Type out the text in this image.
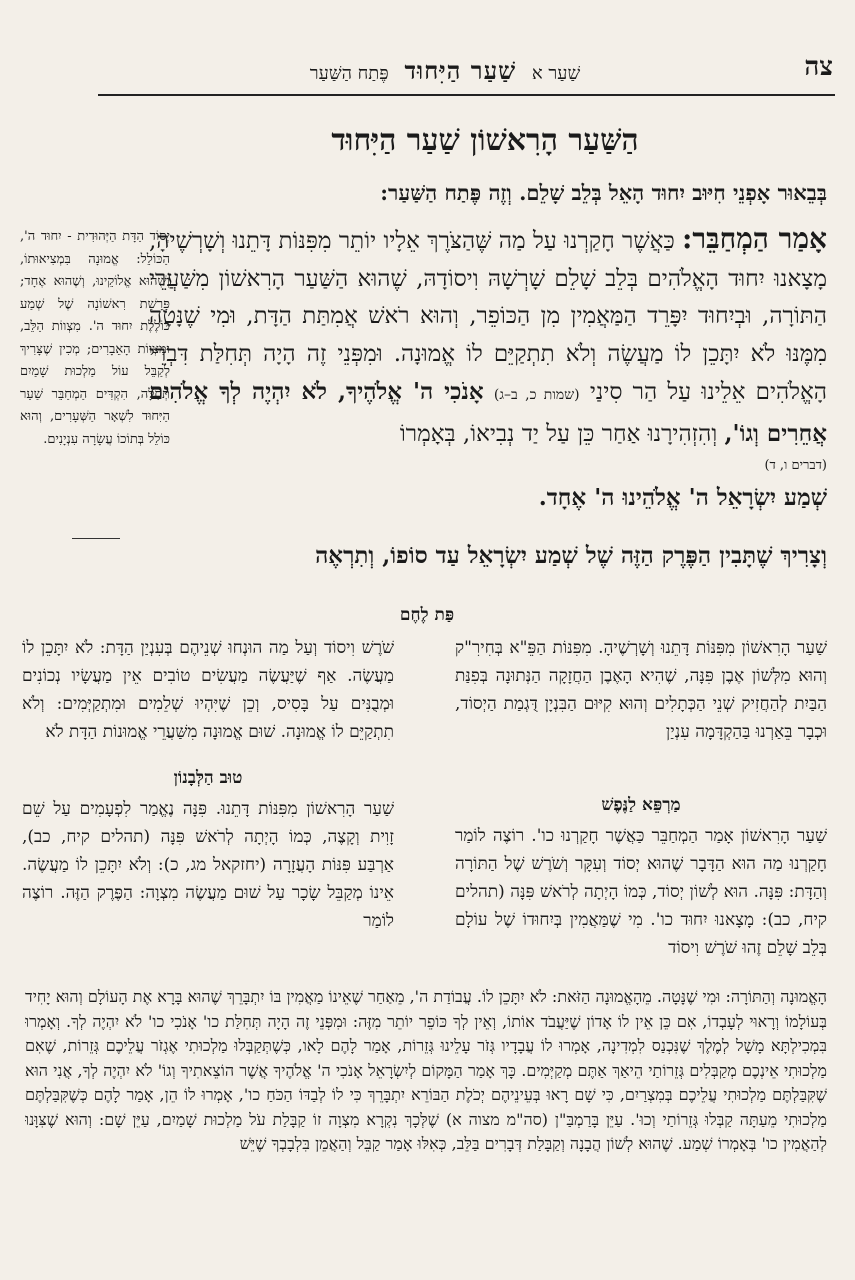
צה
שַׁעַר א שַׁעַר הַיִּחוּד פֶּתַח הַשַּׁעַר
הַשַּׁעַר הָרִאשׁוֹן שַׁעַר הַיִּחוּד
בְּבֵאוּר אָפְנֵי חִיּוּב יִחוּד הָאֵל בְּלֵב שָׁלֵם. וְזֶה פֶּתַח הַשַּׁעַר:
אָמַר הַמְחַבֵּר: כַּאֲשֶׁר חָקַרְנוּ עַל מַה שֶּׁהַצֹּרֶךְ אֵלָיו יוֹתֵר מִפִּנּוֹת דָּתֵנוּ וְשָׁרְשֶׁיהָ, מָצָאנוּ יִחוּד הָאֱלֹהִים בְּלֵב שָׁלֵם שָׁרְשָׁהּ וִיסוֹדָהּ, שֶׁהוּא הַשַּׁעַר הָרִאשׁוֹן מִשַּׁעֲרֵי הַתּוֹרָה, וּבְיִחוּד יִפָּרֵד הַמַּאֲמִין מִן הַכּוֹפֵר, וְהוּא רֹאשׁ אֲמִתַּת הַדָּת, וּמִי שֶׁנָּטָה מִמֶּנּוּ לֹא יִתָּכֵן לוֹ מַעֲשֶׂה וְלֹא תִתְקַיֵּם לוֹ אֱמוּנָה. וּמִפְּנֵי זֶה הָיָה תְּחִלַּת דִּבְרֵי הָאֱלֹהִים אֵלֵינוּ עַל הַר סִינַי (שמות כ, ב–ג) אָנֹכִי ה' אֱלֹהֶיךָ, לֹא יִהְיֶה לְךָ אֱלֹהִים אֲחֵרִים וְגוֹ', וְהִזְהִירָנוּ אַחַר כֵּן עַל יַד נְבִיאוֹ, בְּאָמְרוֹ
(דברים ו, ד)
שְׁמַע יִשְׂרָאֵל ה' אֱלֹהֵינוּ ה' אֶחָד.
יְסוֹד הַדָּת הַיְּהוּדִית - יִחוּד ה', הַכּוֹלֵל: אֱמוּנָה בִּמְצִיאוּתוֹ, וְשֶׁהוּא אֱלוֹקֵינוּ, וְשֶׁהוּא אֶחָד; פָּרָשַׁת רִאשׁוֹנָה שֶׁל שְׁמַע כּוֹלֶלֶת יִחוּד ה'. מִצְווֹת הַלֵּב, וּמִצְווֹת הָאֵבָרִים; מְכִין שֶׁצָּרִיךְ לְקַבֵּל עוֹל מַלְכוּת שָׁמַיִם תְּחִלָּה, הִקְדִּים הַמְחַבֵּר שַׁעַר הַיִּחוּד לִשְׁאָר הַשְּׁעָרִים, וְהוּא כּוֹלֵל בְּתוֹכוֹ עֲשָׂרָה עִנְיָנִים.
וְצָרִיךְ שֶׁתָּבִין הַפֶּרֶק הַזֶּה שֶׁל שְׁמַע יִשְׂרָאֵל עַד סוֹפוֹ, וְתִרְאֶה
פַּת לֶחֶם
שַׁעַר הָרִאשׁוֹן מִפִּנּוֹת דָּתֵנוּ וְשָׁרְשֶׁיהָ. מִפִּנּוֹת הַפֵּ"א בְּחִירִ"ק וְהוּא מִלְּשׁוֹן אֶבֶן פִּנָּה, שֶׁהִיא הָאֶבֶן הַחֲזָקָה הַנְּתוּנָה בְּפִנַּת הַבַּיִת לְהַחֲזִיק שְׁנֵי הַכְּתָלִים וְהוּא קִיּוּם הַבִּנְיָן דֻּגְמַת הַיְסוֹד, וּכְבָר בֵּאַרְנוּ בַּהַקְדָּמָה עִנְיַן
שֹׁרֶשׁ וִיסוֹד וְעַל מַה הוּנְחוּ שְׁנֵיהֶם בְּעִנְיַן הַדָּת: לֹא יִתָּכֵן לוֹ מַעֲשֶׂה. אַף שֶׁיַּעֲשֶׂה מַעֲשִׂים טוֹבִים אֵין מַעֲשָׂיו נְכוֹנִים וּמְבֻנִּים עַל בָּסִיס, וְכֵן שֶׁיִּהְיוּ שְׁלֵמִים וּמִתְקַיְּמִים: וְלֹא תִתְקַיֵּם לוֹ אֱמוּנָה. שׁוּם אֱמוּנָה מִשַּׁעֲרֵי אֱמוּנוֹת הַדָּת לֹא
מַרְפֵּא לַנֶּפֶשׁ
שַׁעַר הָרִאשׁוֹן אָמַר הַמְחַבֵּר כַּאֲשֶׁר חָקַרְנוּ כו'. רוֹצֶה לוֹמַר חָקַרְנוּ מַה הוּא הַדָּבָר שֶׁהוּא יְסוֹד וְעִקָּר וְשֹׁרֶשׁ שֶׁל הַתּוֹרָה וְהַדָּת: פִּנָּה. הוּא לְשׁוֹן יְסוֹד, כְּמוֹ הָיְתָה לְרֹאשׁ פִּנָּה (תהלים קיח, כב): מָצָאנוּ יִחוּד כו'. מִי שֶׁמַּאֲמִין בְּיִחוּדוֹ שֶׁל עוֹלָם בְּלֵב שָׁלֵם זֶהוּ שֹׁרֶשׁ וִיסוֹד
טוּב הַלְּבָנוֹן
שַׁעַר הָרִאשׁוֹן מִפִּנּוֹת דָּתֵנוּ. פִּנָּה נֶאֱמַר לִפְעָמִים עַל שֵׁם זָוִית וְקָצֶה, כְּמוֹ הָיְתָה לְרֹאשׁ פִּנָּה (תהלים קיח, כב), אַרְבַּע פִּנּוֹת הָעֲזָרָה (יחזקאל מג, כ): וְלֹא יִתָּכֵן לוֹ מַעֲשֶׂה. אֵינוֹ מְקַבֵּל שָׂכָר עַל שׁוּם מַעֲשֶׂה מִצְוָה: הַפֶּרֶק הַזֶּה. רוֹצֶה לוֹמַר
הָאֱמוּנָה וְהַתּוֹרָה: וּמִי שֶׁנָּטָה. מֵהָאֱמוּנָה הַזֹּאת: לֹא יִתָּכֵן לוֹ. עֲבוֹדַת ה', מֵאַחַר שֶׁאֵינוֹ מַאֲמִין בּוֹ יִתְבָּרֵךְ שֶׁהוּא בָּרָא אֶת הָעוֹלָם וְהוּא יָחִיד בְּעוֹלָמוֹ וְרָאוּי לְעָבְדוֹ, אִם כֵּן אֵין לוֹ אָדוֹן שֶׁיַּעֲבֹד אוֹתוֹ, וְאֵין לְךָ כּוֹפֵר יוֹתֵר מִזֶּה: וּמִפְּנֵי זֶה הָיָה תְּחִלַּת כו' אָנֹכִי כו' לֹא יִהְיֶה לְךָ. וְאָמְרוּ בִּמְכִילְתָּא מָשָׁל לְמֶלֶךְ שֶׁנִּכְנַס לִמְדִינָה, אָמְרוּ לוֹ עֲבָדָיו גְּזֹר עָלֵינוּ גְּזֵרוֹת, אָמַר לָהֶם לָאו, כְּשֶׁתְּקַבְּלוּ מַלְכוּתִי אֶגְזֹר עֲלֵיכֶם גְּזֵרוֹת, שֶׁאִם מַלְכוּתִי אֵינְכֶם מְקַבְּלִים גְּזֵרוֹתַי הֵיאַךְ אַתֶּם מְקַיְּמִים. כָּךְ אָמַר הַמָּקוֹם לְיִשְׂרָאֵל אָנֹכִי ה' אֱלֹהֶיךָ אֲשֶׁר הוֹצֵאתִיךָ וְגוֹ' לֹא יִהְיֶה לְךָ, אֲנִי הוּא שֶׁקִּבַּלְתֶּם מַלְכוּתִי עֲלֵיכֶם בְּמִצְרַיִם, כִּי שָׁם רָאוּ בְּעֵינֵיהֶם יְכֹלֶת הַבּוֹרֵא יִתְבָּרֵךְ כִּי לוֹ לְבַדּוֹ הַכֹּחַ כו', אָמְרוּ לוֹ הֵן, אָמַר לָהֶם כְּשֶׁקִּבַּלְתֶּם מַלְכוּתִי מֵעַתָּה קַבְּלוּ גְּזֵרוֹתַי וְכוּ'. עַיֵּן בָּרַמְבַּ"ן (סה"מ מצוה א) שֶׁלְּכָךְ נִקְרָא מִצְוָה זוֹ קַבָּלַת עֹל מַלְכוּת שָׁמַיִם, עַיֵּן שָׁם: וְהוּא שֶׁצִּוָּנוּ לְהַאֲמִין כו' בְּאָמְרוֹ שְׁמַע. שֶׁהוּא לְשׁוֹן הֲבָנָה וְקַבָּלַת דְּבָרִים בַּלֵּב, כְּאִלּוּ אָמַר קַבֵּל וְהַאֲמֵן בִּלְבָבְךָ שֶׁיֵּשׁ
